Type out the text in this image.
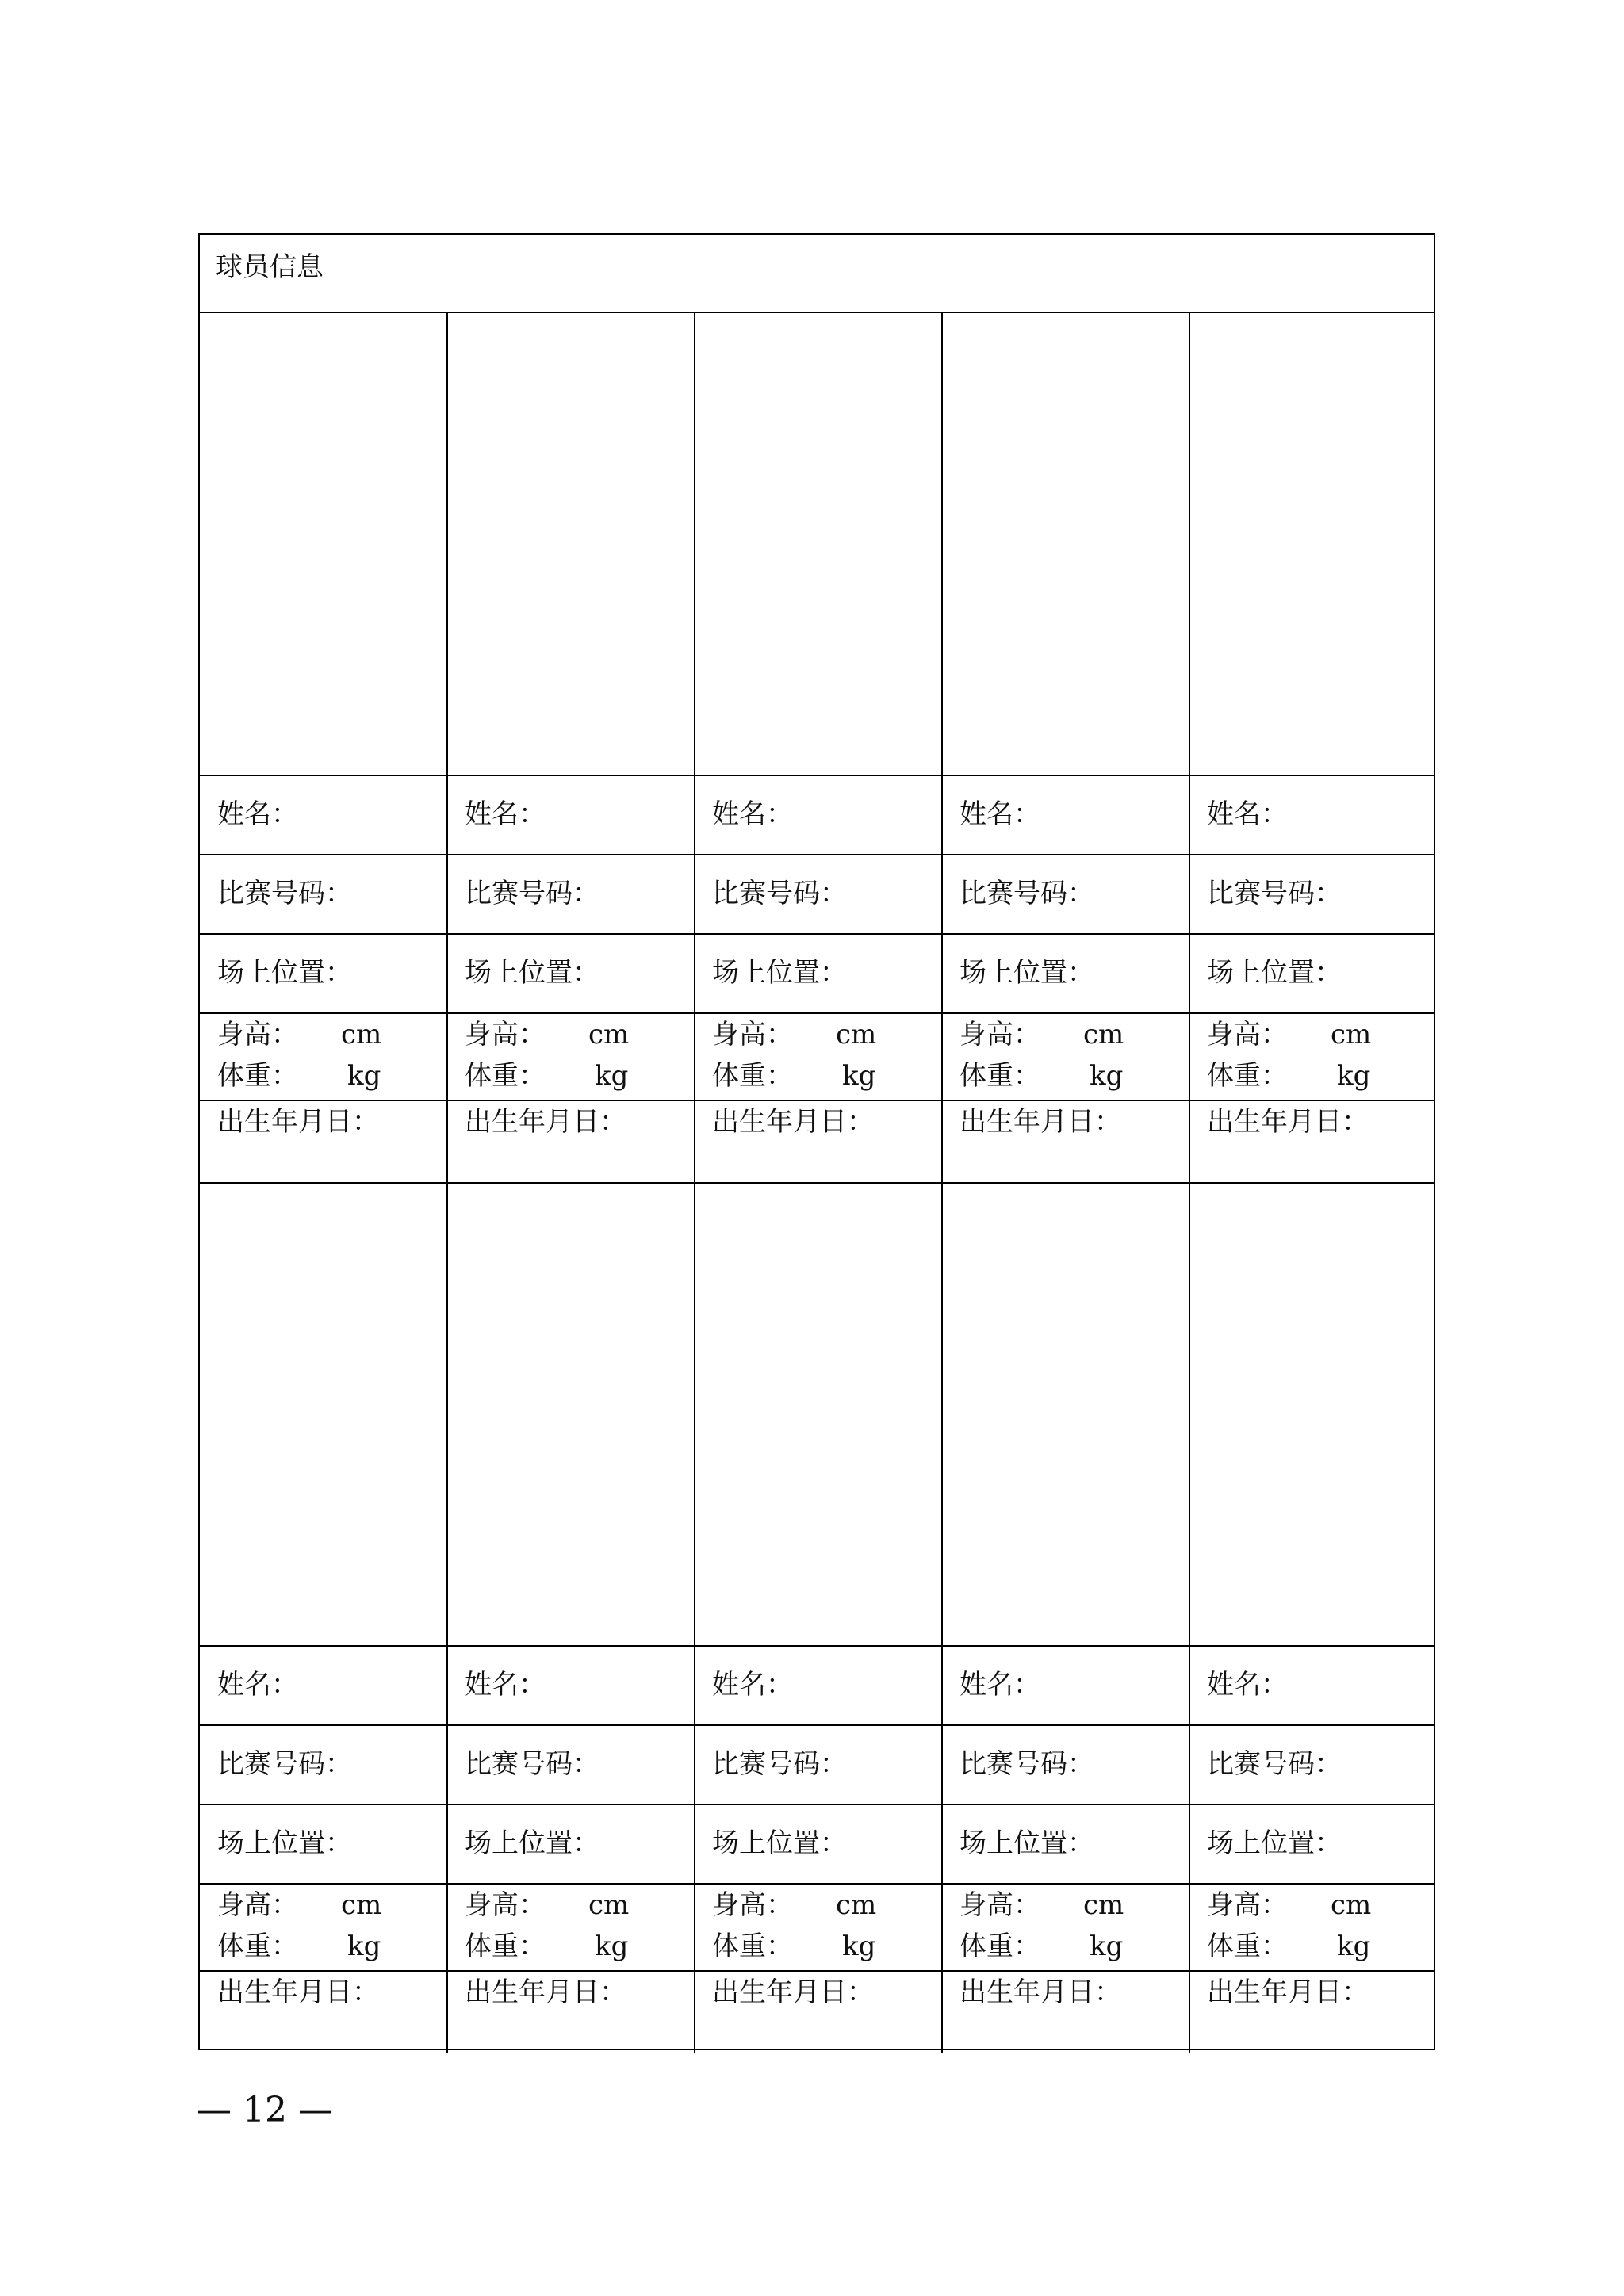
球员信息
姓名：
比赛号码：
场上位置：
身高： cm
体重： kg
出生年月日：
姓名：
比赛号码：
场上位置：
身高： cm
体重： kg
出生年月日：
姓名：
比赛号码：
场上位置：
身高： cm
体重： kg
出生年月日：
姓名：
比赛号码：
场上位置：
身高： cm
体重： kg
出生年月日：
姓名：
比赛号码：
场上位置：
身高： cm
体重： kg
出生年月日：
姓名：
比赛号码：
场上位置：
身高： cm
体重： kg
出生年月日：
姓名：
比赛号码：
场上位置：
身高： cm
体重： kg
出生年月日：
姓名：
比赛号码：
场上位置：
身高： cm
体重： kg
出生年月日：
姓名：
比赛号码：
场上位置：
身高： cm
体重： kg
出生年月日：
姓名：
比赛号码：
场上位置：
身高： cm
体重： kg
出生年月日：
— 12 —
